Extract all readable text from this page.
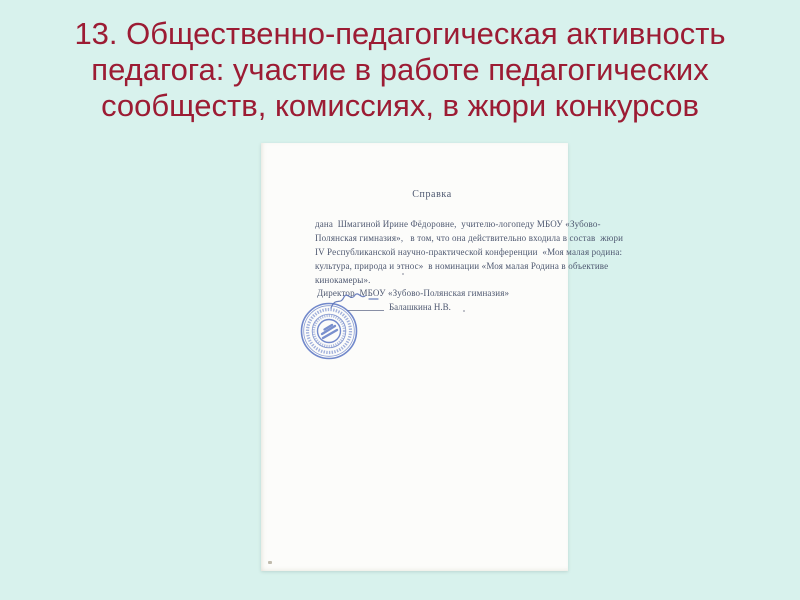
13. Общественно-педагогическая активность
педагога: участие в работе педагогических
сообществ, комиссиях, в жюри конкурсов
Справка
дана  Шмагиной Ирине Фёдоровне,  учителю-логопеду МБОУ «Зубово-
Полянская гимназия»,   в том, что она действительно входила в состав  жюри
IV Республиканской научно-практической конференции  «Моя малая родина:
культура, природа и этнос»  в номинации «Моя малая Родина в объективе
кинокамеры».
Директор  МБОУ «Зубово-Полянская гимназия»
Балашкина Н.В.
